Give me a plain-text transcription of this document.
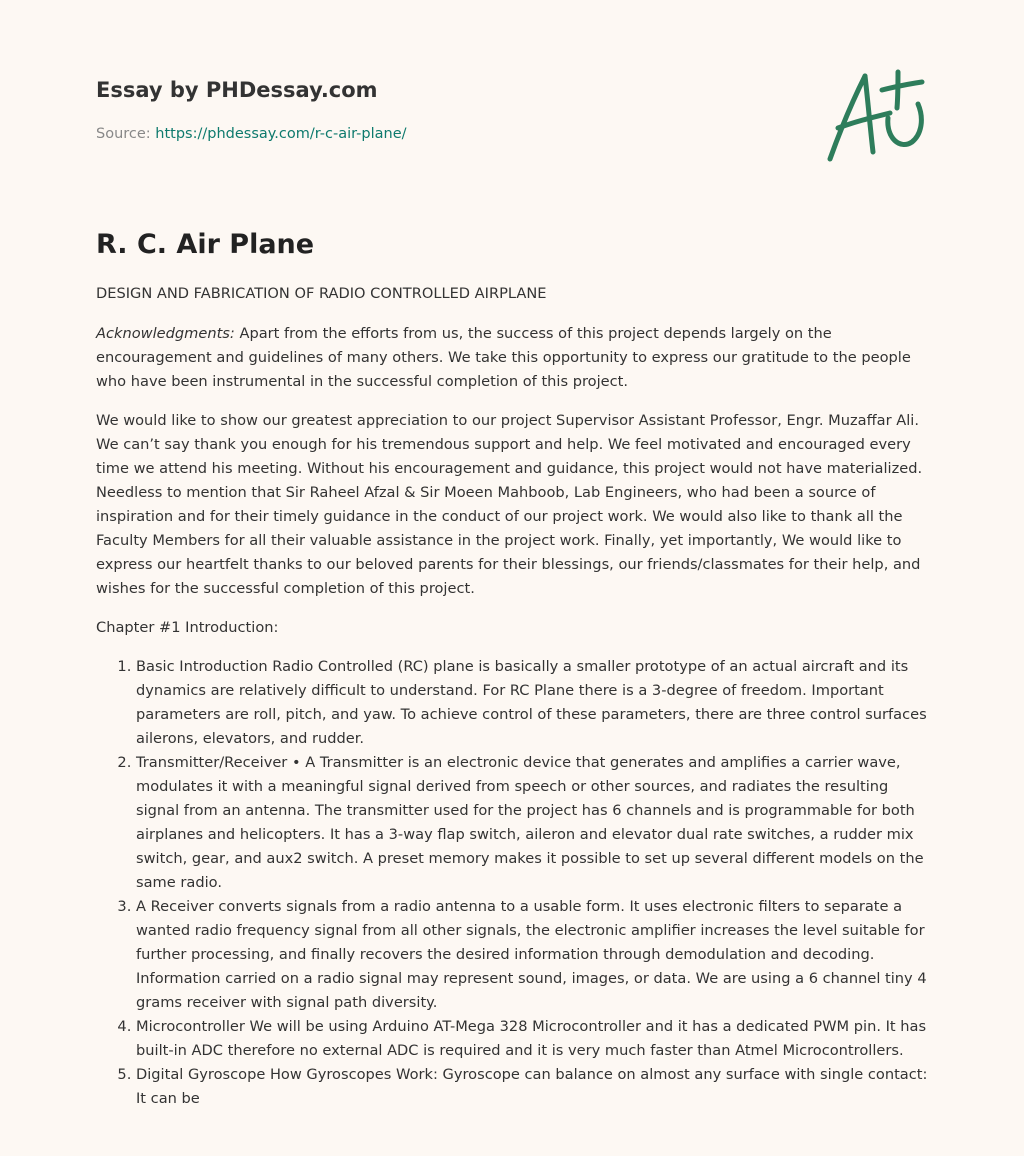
Essay by PHDessay.com
Source: https://phdessay.com/r-c-air-plane/
R. C. Air Plane

DESIGN AND FABRICATION OF RADIO CONTROLLED AIRPLANE

Acknowledgments: Apart from the efforts from us, the success of this project depends largely on the encouragement and guidelines of many others. We take this opportunity to express our gratitude to the people who have been instrumental in the successful completion of this project.

We would like to show our greatest appreciation to our project Supervisor Assistant Professor, Engr. Muzaffar Ali. We can’t say thank you enough for his tremendous support and help. We feel motivated and encouraged every time we attend his meeting. Without his encouragement and guidance, this project would not have materialized. Needless to mention that Sir Raheel Afzal & Sir Moeen Mahboob, Lab Engineers, who had been a source of inspiration and for their timely guidance in the conduct of our project work. We would also like to thank all the Faculty Members for all their valuable assistance in the project work. Finally, yet importantly, We would like to express our heartfelt thanks to our beloved parents for their blessings, our friends/classmates for their help, and wishes for the successful completion of this project.

Chapter #1 Introduction:

1. Basic Introduction Radio Controlled (RC) plane is basically a smaller prototype of an actual aircraft and its dynamics are relatively difficult to understand. For RC Plane there is a 3-degree of freedom. Important parameters are roll, pitch, and yaw. To achieve control of these parameters, there are three control surfaces ailerons, elevators, and rudder.
2. Transmitter/Receiver • A Transmitter is an electronic device that generates and amplifies a carrier wave, modulates it with a meaningful signal derived from speech or other sources, and radiates the resulting signal from an antenna. The transmitter used for the project has 6 channels and is programmable for both airplanes and helicopters. It has a 3-way flap switch, aileron and elevator dual rate switches, a rudder mix switch, gear, and aux2 switch. A preset memory makes it possible to set up several different models on the same radio.
3. A Receiver converts signals from a radio antenna to a usable form. It uses electronic filters to separate a wanted radio frequency signal from all other signals, the electronic amplifier increases the level suitable for further processing, and finally recovers the desired information through demodulation and decoding. Information carried on a radio signal may represent sound, images, or data. We are using a 6 channel tiny 4 grams receiver with signal path diversity.
4. Microcontroller We will be using Arduino AT-Mega 328 Microcontroller and it has a dedicated PWM pin. It has built-in ADC therefore no external ADC is required and it is very much faster than Atmel Microcontrollers.
5. Digital Gyroscope How Gyroscopes Work: Gyroscope can balance on almost any surface with single contact: It can be
